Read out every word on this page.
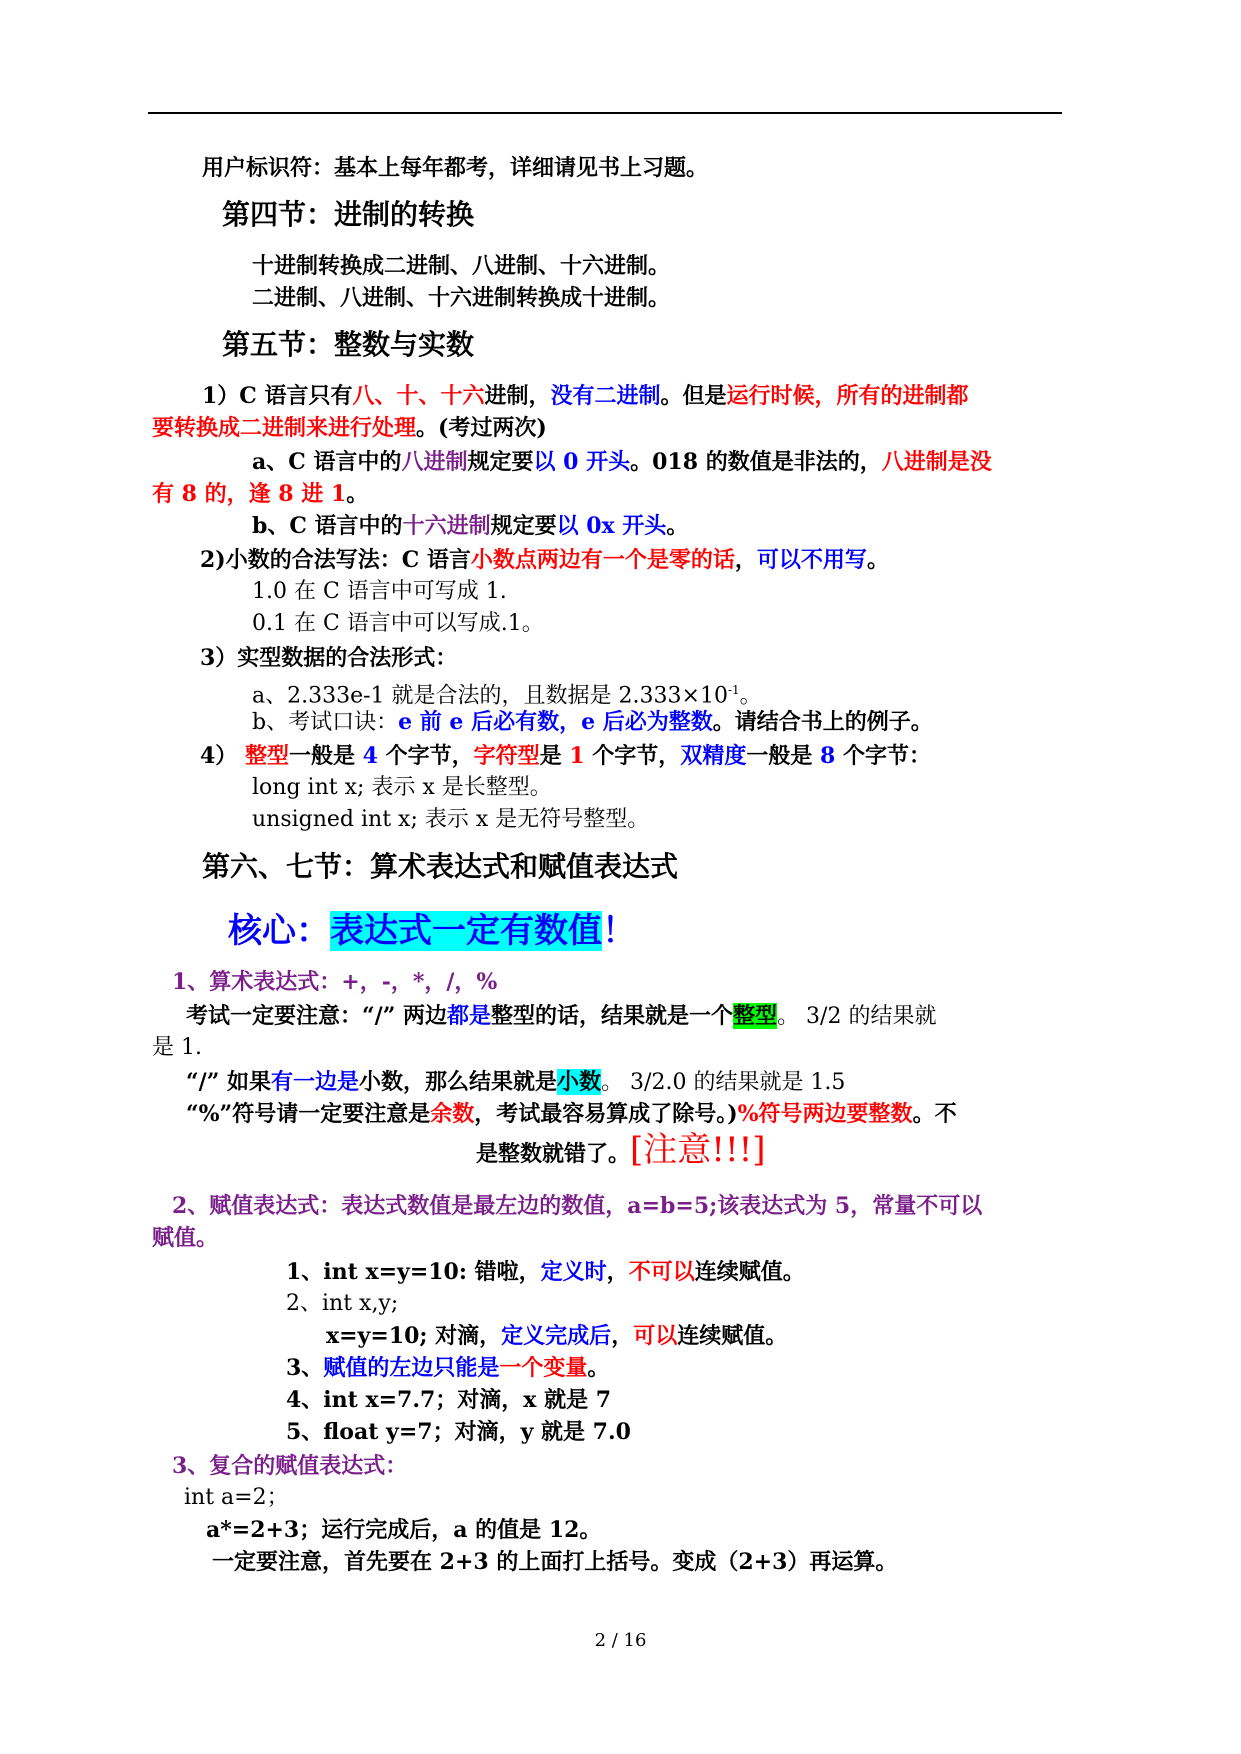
用户标识符：基本上每年都考，详细请见书上习题。
第四节：进制的转换
十进制转换成二进制、八进制、十六进制。
二进制、八进制、十六进制转换成十进制。
第五节：整数与实数
1）C 语言只有八、十、十六进制，没有二进制。但是运行时候，所有的进制都
要转换成二进制来进行处理。(考过两次)
a、C 语言中的八进制规定要以 0 开头。018 的数值是非法的，八进制是没
有 8 的，逢 8 进 1。
b、C 语言中的十六进制规定要以 0x 开头。
2)小数的合法写法：C 语言小数点两边有一个是零的话，可以不用写。
1.0 在 C 语言中可写成 1.
0.1 在 C 语言中可以写成.1。
3）实型数据的合法形式：
a、2.333e-1 就是合法的，且数据是 $2.333\times 10^{-1}$。
b、考试口诀：e 前 e 后必有数，e 后必为整数。请结合书上的例子。
4） 整型一般是 4 个字节，字符型是 1 个字节，双精度一般是 8 个字节：
long int x; 表示 x 是长整型。
unsigned int x; 表示 x 是无符号整型。
第六、七节：算术表达式和赋值表达式
核心：表达式一定有数值！
1、算术表达式：+，-，*，/，%
考试一定要注意：“/” 两边都是整型的话，结果就是一个整型。 3/2 的结果就
是 1.
“/” 如果有一边是小数，那么结果就是小数。 3/2.0 的结果就是 1.5
“%”符号请一定要注意是余数，考试最容易算成了除号。)%符号两边要整数。不
是整数就错了。[注意!!!]
2、赋值表达式：表达式数值是最左边的数值，a=b=5;该表达式为 5，常量不可以
赋值。
1、int x=y=10: 错啦，定义时，不可以连续赋值。
2、int x,y;
x=y=10; 对滴，定义完成后，可以连续赋值。
3、赋值的左边只能是一个变量。
4、int x=7.7；对滴，x 就是 7
5、float y=7；对滴，y 就是 7.0
3、复合的赋值表达式：
int a=2；
a*=2+3；运行完成后，a 的值是 12。
一定要注意，首先要在 2+3 的上面打上括号。变成（2+3）再运算。
2 / 16
